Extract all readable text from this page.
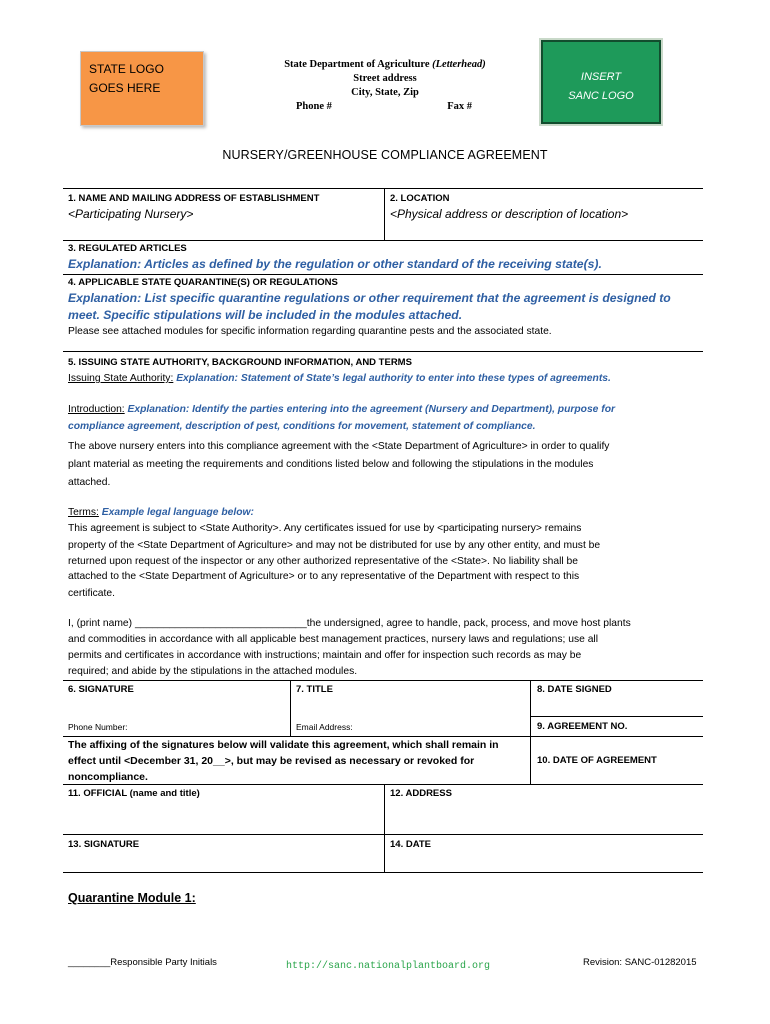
STATE LOGO GOES HERE
State Department of Agriculture (Letterhead)
Street address
City, State, Zip
Phone #	Fax #
INSERT SANC LOGO
NURSERY/GREENHOUSE COMPLIANCE AGREEMENT
1. NAME AND MAILING ADDRESS OF ESTABLISHMENT
<Participating Nursery>
2. LOCATION
<Physical address or description of location>
3. REGULATED ARTICLES
Explanation: Articles as defined by the regulation or other standard of the receiving state(s).
4. APPLICABLE STATE QUARANTINE(S) OR REGULATIONS
Explanation: List specific quarantine regulations or other requirement that the agreement is designed to
meet. Specific stipulations will be included in the modules attached.
Please see attached modules for specific information regarding quarantine pests and the associated state.
5. ISSUING STATE AUTHORITY, BACKGROUND INFORMATION, AND TERMS
Issuing State Authority: Explanation: Statement of State’s legal authority to enter into these types of agreements.
Introduction: Explanation: Identify the parties entering into the agreement (Nursery and Department), purpose for
compliance agreement, description of pest, conditions for movement, statement of compliance.
The above nursery enters into this compliance agreement with the <State Department of Agriculture> in order to qualify
plant material as meeting the requirements and conditions listed below and following the stipulations in the modules
attached.
Terms: Example legal language below:
This agreement is subject to <State Authority>. Any certificates issued for use by <participating nursery> remains
property of the <State Department of Agriculture> and may not be distributed for use by any other entity, and must be
returned upon request of the inspector or any other authorized representative of the <State>. No liability shall be
attached to the <State Department of Agriculture> or to any representative of the Department with respect to this
certificate.
I, (print name) ______________________________the undersigned, agree to handle, pack, process, and move host plants
and commodities in accordance with all applicable best management practices, nursery laws and regulations; use all
permits and certificates in accordance with instructions; maintain and offer for inspection such records as may be
required; and abide by the stipulations in the attached modules.
6. SIGNATURE	7. TITLE	8. DATE SIGNED
Phone Number:	Email Address:	9. AGREEMENT NO.
The affixing of the signatures below will validate this agreement, which shall remain in
effect until <December 31, 20__>, but may be revised as necessary or revoked for
noncompliance.
10. DATE OF AGREEMENT
11. OFFICIAL (name and title)	12. ADDRESS
13. SIGNATURE	14. DATE
Quarantine Module 1:
________Responsible Party Initials	http://sanc.nationalplantboard.org	Revision: SANC-01282015
